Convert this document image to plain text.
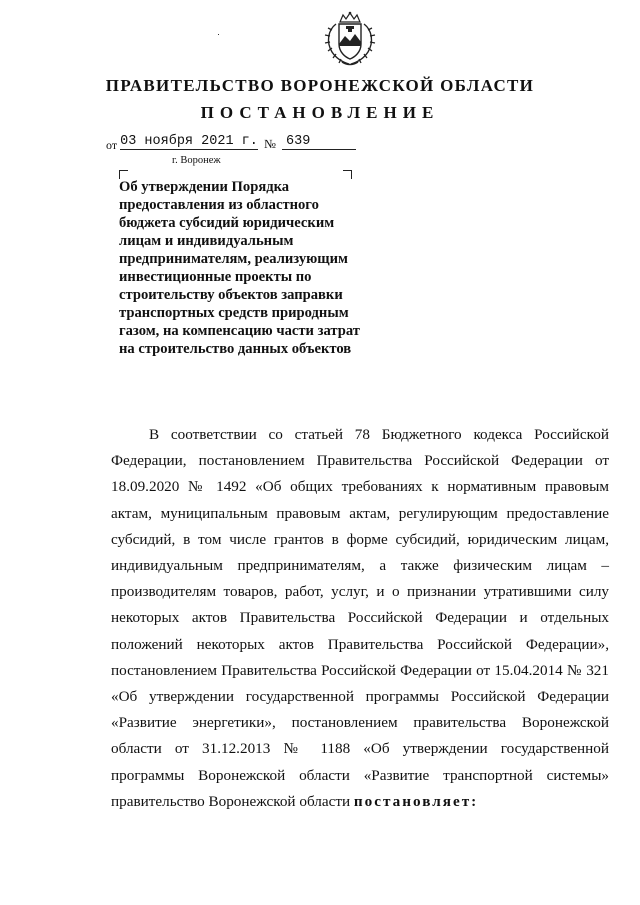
ПРАВИТЕЛЬСТВО ВОРОНЕЖСКОЙ ОБЛАСТИ
ПОСТАНОВЛЕНИЕ
от 03 ноября 2021 г. № 639
г. Воронеж
Об утверждении Порядка предоставления из областного бюджета субсидий юридическим лицам и индивидуальным предпринимателям, реализующим инвестиционные проекты по строительству объектов заправки транспортных средств природным газом, на компенсацию части затрат на строительство данных объектов
В соответствии со статьей 78 Бюджетного кодекса Российской Федерации, постановлением Правительства Российской Федерации от 18.09.2020 № 1492 «Об общих требованиях к нормативным правовым актам, муниципальным правовым актам, регулирующим предоставление субсидий, в том числе грантов в форме субсидий, юридическим лицам, индивидуальным предпринимателям, а также физическим лицам – производителям товаров, работ, услуг, и о признании утратившими силу некоторых актов Правительства Российской Федерации и отдельных положений некоторых актов Правительства Российской Федерации», постановлением Правительства Российской Федерации от 15.04.2014 № 321 «Об утверждении государственной программы Российской Федерации «Развитие энергетики», постановлением правительства Воронежской области от 31.12.2013 № 1188 «Об утверждении государственной программы Воронежской области «Развитие транспортной системы» правительство Воронежской области постановляет:
